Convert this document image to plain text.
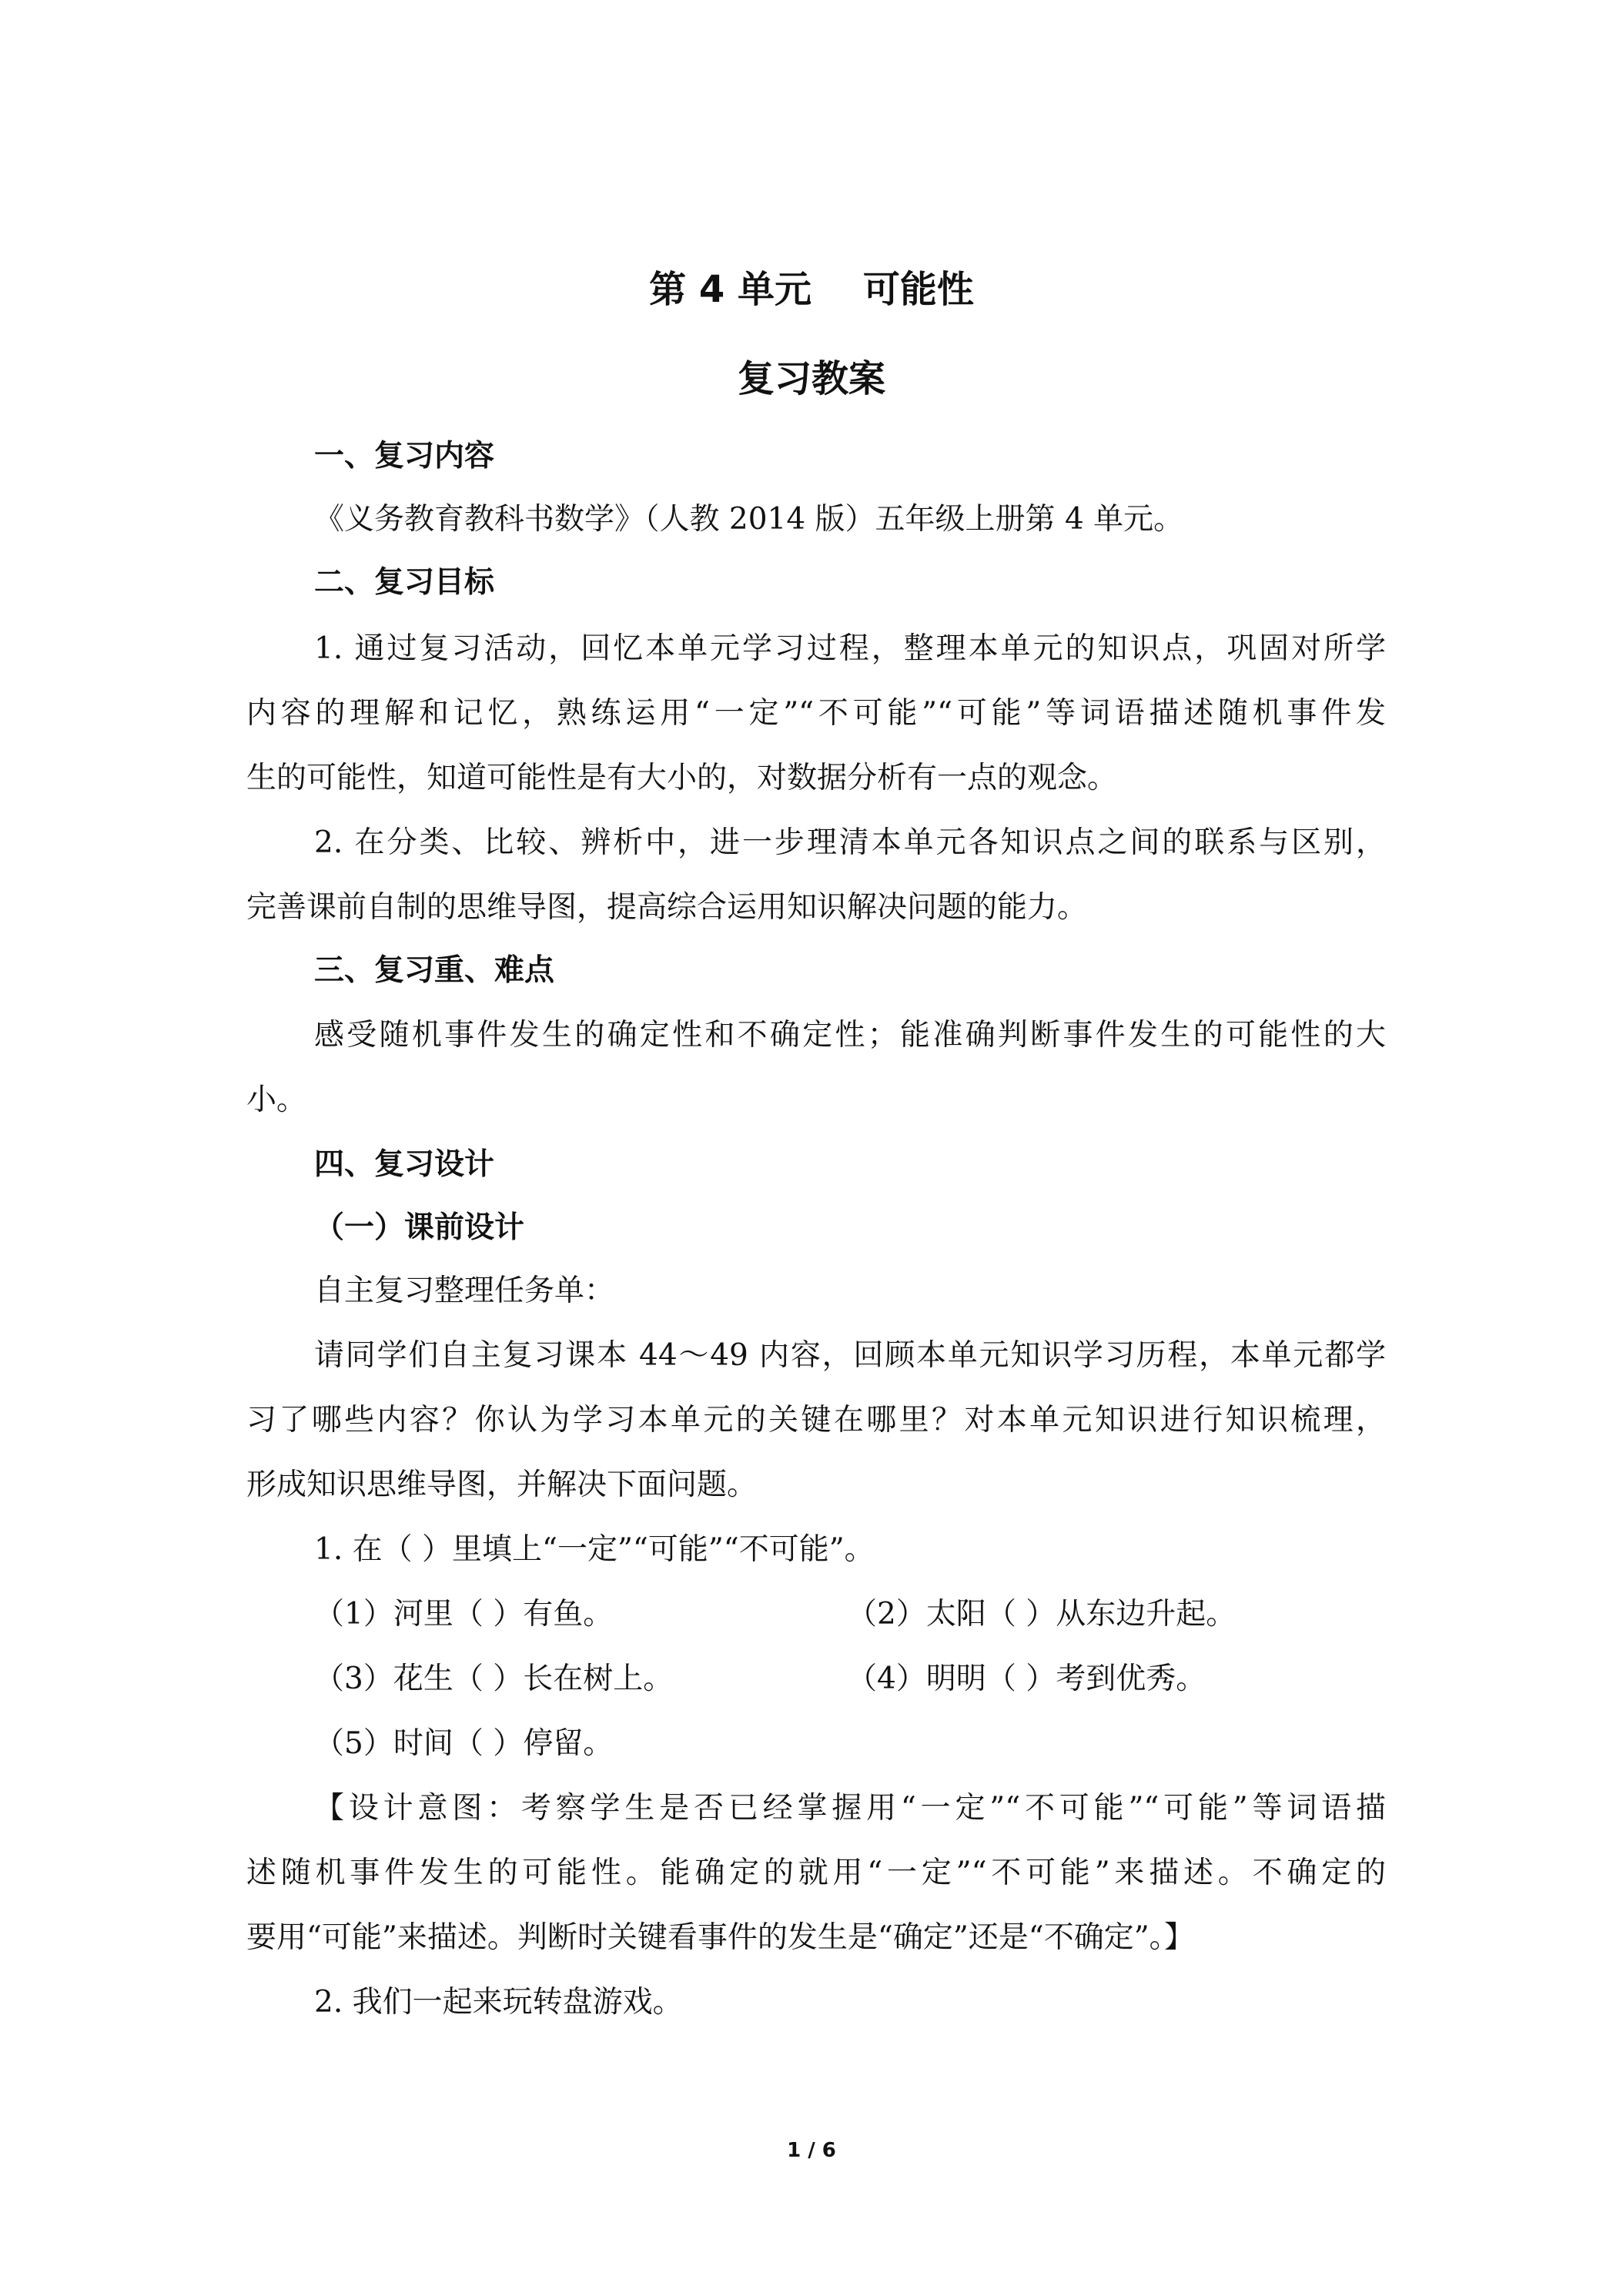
第 4 单元    可能性
复习教案
一、复习内容
《义务教育教科书数学》（人教 2014 版）五年级上册第 4 单元。
二、复习目标
1. 通过复习活动，回忆本单元学习过程，整理本单元的知识点，巩固对所学
内容的理解和记忆，熟练运用“一定”“不可能”“可能”等词语描述随机事件发
生的可能性，知道可能性是有大小的，对数据分析有一点的观念。
2. 在分类、比较、辨析中，进一步理清本单元各知识点之间的联系与区别，
完善课前自制的思维导图，提高综合运用知识解决问题的能力。
三、复习重、难点
感受随机事件发生的确定性和不确定性；能准确判断事件发生的可能性的大
小。
四、复习设计
（一）课前设计
自主复习整理任务单：
请同学们自主复习课本 44～49 内容，回顾本单元知识学习历程，本单元都学
习了哪些内容？你认为学习本单元的关键在哪里？对本单元知识进行知识梳理，
形成知识思维导图，并解决下面问题。
1. 在（ ）里填上“一定”“可能”“不可能”。
（1）河里（ ）有鱼。	（2）太阳（ ）从东边升起。
（3）花生（ ）长在树上。	（4）明明（ ）考到优秀。
（5）时间（ ）停留。
【设计意图：考察学生是否已经掌握用“一定”“不可能”“可能”等词语描
述随机事件发生的可能性。能确定的就用“一定”“不可能”来描述。不确定的
要用“可能”来描述。判断时关键看事件的发生是“确定”还是“不确定”。】
2. 我们一起来玩转盘游戏。
1 / 6
